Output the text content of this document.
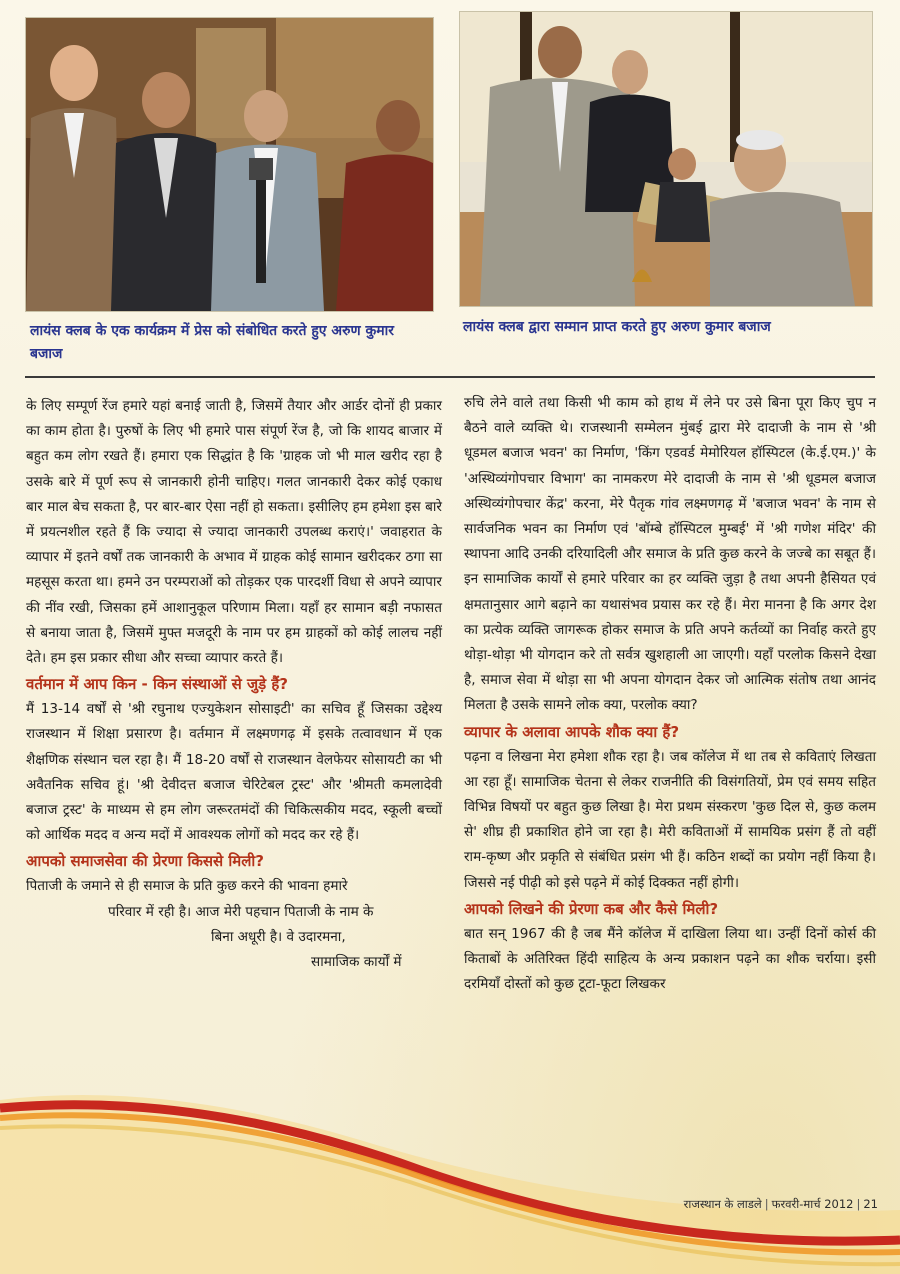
लायंस क्लब के एक कार्यक्रम में प्रेस को संबोधित करते हुए अरुण कुमार बजाज
लायंस क्लब द्वारा सम्मान प्राप्त करते हुए अरुण कुमार बजाज

के लिए सम्पूर्ण रेंज हमारे यहां बनाई जाती है, जिसमें तैयार और आर्डर दोनों ही प्रकार का काम होता है। पुरुषों के लिए भी हमारे पास संपूर्ण रेंज है, जो कि शायद बाजार में बहुत कम लोग रखते हैं। हमारा एक सिद्धांत है कि 'ग्राहक जो भी माल खरीद रहा है उसके बारे में पूर्ण रूप से जानकारी होनी चाहिए। गलत जानकारी देकर कोई एकाध बार माल बेच सकता है, पर बार-बार ऐसा नहीं हो सकता। इसीलिए हम हमेशा इस बारे में प्रयत्नशील रहते हैं कि ज्यादा से ज्यादा जानकारी उपलब्ध कराएं।' जवाहरात के व्यापार में इतने वर्षों तक जानकारी के अभाव में ग्राहक कोई सामान खरीदकर ठगा सा महसूस करता था। हमने उन परम्पराओं को तोड़कर एक पारदर्शी विधा से अपने व्यापार की नींव रखी, जिसका हमें आशानुकूल परिणाम मिला। यहाँ हर सामान बड़ी नफासत से बनाया जाता है, जिसमें मुफ्त मजदूरी के नाम पर हम ग्राहकों को कोई लालच नहीं देते। हम इस प्रकार सीधा और सच्चा व्यापार करते हैं।

वर्तमान में आप किन - किन संस्थाओं से जुड़े हैं?

मैं 13-14 वर्षों से 'श्री रघुनाथ एज्युकेशन सोसाइटी' का सचिव हूँ जिसका उद्देश्य राजस्थान में शिक्षा प्रसारण है। वर्तमान में लक्ष्मणगढ़ में इसके तत्वावधान में एक शैक्षणिक संस्थान चल रहा है। मैं 18-20 वर्षों से राजस्थान वेलफेयर सोसायटी का भी अवैतनिक सचिव हूं। 'श्री देवीदत्त बजाज चेरिटेबल ट्रस्ट' और 'श्रीमती कमलादेवी बजाज ट्रस्ट' के माध्यम से हम लोग जरूरतमंदों की चिकित्सकीय मदद, स्कूली बच्चों को आर्थिक मदद व अन्य मदों में आवश्यक लोगों को मदद कर रहे हैं।

आपको समाजसेवा की प्रेरणा किससे मिली?

पिताजी के जमाने से ही समाज के प्रति कुछ करने की भावना हमारे

परिवार में रही है। आज मेरी पहचान पिताजी के नाम के

बिना अधूरी है। वे उदारमना,

सामाजिक कार्यों में

रुचि लेने वाले तथा किसी भी काम को हाथ में लेने पर उसे बिना पूरा किए चुप न बैठने वाले व्यक्ति थे। राजस्थानी सम्मेलन मुंबई द्वारा मेरे दादाजी के नाम से 'श्री धूडमल बजाज भवन' का निर्माण, 'किंग एडवर्ड मेमोरियल हॉस्पिटल (के.ई.एम.)' के 'अस्थिव्यंगोपचार विभाग' का नामकरण मेरे दादाजी के नाम से 'श्री धूडमल बजाज अस्थिव्यंगोपचार केंद्र' करना, मेरे पैतृक गांव लक्ष्मणगढ़ में 'बजाज भवन' के नाम से सार्वजनिक भवन का निर्माण एवं 'बॉम्बे हॉस्पिटल मुम्बई' में 'श्री गणेश मंदिर' की स्थापना आदि उनकी दरियादिली और समाज के प्रति कुछ करने के जज्बे का सबूत हैं। इन सामाजिक कार्यों से हमारे परिवार का हर व्यक्ति जुड़ा है तथा अपनी हैसियत एवं क्षमतानुसार आगे बढ़ाने का यथासंभव प्रयास कर रहे हैं। मेरा मानना है कि अगर देश का प्रत्येक व्यक्ति जागरूक होकर समाज के प्रति अपने कर्तव्यों का निर्वाह करते हुए थोड़ा-थोड़ा भी योगदान करे तो सर्वत्र खुशहाली आ जाएगी। यहाँ परलोक किसने देखा है, समाज सेवा में थोड़ा सा भी अपना योगदान देकर जो आत्मिक संतोष तथा आनंद मिलता है उसके सामने लोक क्या, परलोक क्या?

व्यापार के अलावा आपके शौक क्या हैं?

पढ़ना व लिखना मेरा हमेशा शौक रहा है। जब कॉलेज में था तब से कविताएं लिखता आ रहा हूँ। सामाजिक चेतना से लेकर राजनीति की विसंगतियों, प्रेम एवं समय सहित विभिन्न विषयों पर बहुत कुछ लिखा है। मेरा प्रथम संस्करण 'कुछ दिल से, कुछ कलम से' शीघ्र ही प्रकाशित होने जा रहा है। मेरी कविताओं में सामयिक प्रसंग हैं तो वहीं राम-कृष्ण और प्रकृति से संबंधित प्रसंग भी हैं। कठिन शब्दों का प्रयोग नहीं किया है। जिससे नई पीढ़ी को इसे पढ़ने में कोई दिक्कत नहीं होगी।

आपको लिखने की प्रेरणा कब और कैसे मिली?

बात सन् 1967 की है जब मैंने कॉलेज में दाखिला लिया था। उन्हीं दिनों कोर्स की किताबों के अतिरिक्त हिंदी साहित्य के अन्य प्रकाशन पढ़ने का शौक चर्राया। इसी दरमियाँ दोस्तों को कुछ टूटा-फूटा लिखकर

राजस्थान के लाडले | फरवरी-मार्च 2012 | 21
